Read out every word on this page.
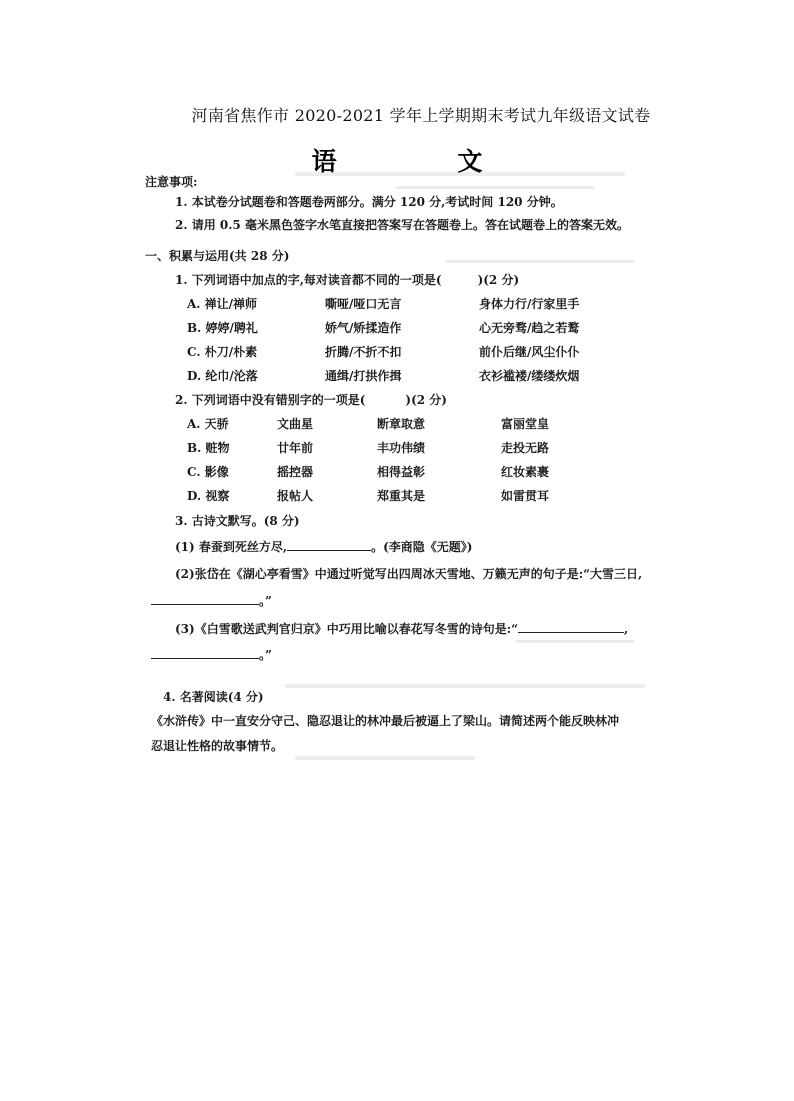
河南省焦作市 2020-2021 学年上学期期末考试九年级语文试卷
语 文
注意事项:
1. 本试卷分试题卷和答题卷两部分。满分 120 分,考试时间 120 分钟。
2. 请用 0.5 毫米黑色签字水笔直接把答案写在答题卷上。答在试题卷上的答案无效。
一、积累与运用(共 28 分)
1. 下列词语中加点的字,每对读音都不同的一项是(	)(2 分)
A. 禅让/禅师	嘶哑/哑口无言	身体力行/行家里手
B. 婷婷/聘礼	娇气/矫揉造作	心无旁骛/趋之若鹜
C. 朴刀/朴素	折腾/不折不扣	前仆后继/风尘仆仆
D. 纶巾/沦落	通缉/打拱作揖	衣衫褴褛/缕缕炊烟
2. 下列词语中没有错别字的一项是(	)(2 分)
A. 天骄	文曲星	断章取意	富丽堂皇
B. 赃物	廿年前	丰功伟绩	走投无路
C. 影像	摇控器	相得益彰	红妆素裹
D. 视察	报帖人	郑重其是	如雷贯耳
3. 古诗文默写。(8 分)
(1) 春蚕到死丝方尽,	。(李商隐《无题》)
(2)张岱在《湖心亭看雪》中通过听觉写出四周冰天雪地、万籁无声的句子是:“大雪三日,
。”
(3)《白雪歌送武判官归京》中巧用比喻以春花写冬雪的诗句是:“	,
。”
4. 名著阅读(4 分)
《水浒传》中一直安分守己、隐忍退让的林冲最后被逼上了梁山。请简述两个能反映林冲
忍退让性格的故事情节。
